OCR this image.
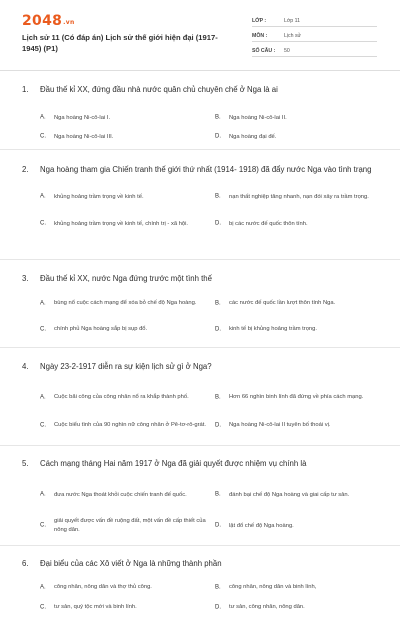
2048.vn
Lịch sử 11 (Có đáp án) Lịch sử thế giới hiện đại (1917-1945) (P1)
LỚP :	Lớp 11
MÔN :	Lịch sử
SỐ CÂU :	50
1. Đầu thế kỉ XX, đứng đầu nhà nước quân chủ chuyên chế ở Nga là ai
A. Nga hoàng Ni-cô-lai I.	B. Nga hoàng Ni-cô-lai II.
C. Nga hoàng Ni-cô-lai III.	D. Nga hoàng đại đế.
2. Nga hoàng tham gia Chiến tranh thế giới thứ nhất (1914- 1918) đã đẩy nước Nga vào tình trạng
A. khủng hoảng trầm trọng về kinh tế.	B. nạn thất nghiệp tăng nhanh, nạn đói xảy ra trầm trọng.
C. khủng hoảng trầm trọng về kinh tế, chính trị - xã hội.	D. bị các nước đế quốc thôn tính.
3. Đầu thế kỉ XX, nước Nga đứng trước một tình thế
A. bùng nổ cuộc cách mạng để xóa bỏ chế độ Nga hoàng.	B. các nước đế quốc lần lượt thôn tính Nga.
C. chính phủ Nga hoàng sắp bị sụp đổ.	D. kinh tế bị khủng hoảng trầm trọng.
4. Ngày 23-2-1917 diễn ra sự kiện lịch sử gì ở Nga?
A. Cuộc bãi công của công nhân nổ ra khắp thành phố.	B. Hơn 66 nghìn binh lính đã đứng về phía cách mạng.
C. Cuộc biểu tình của 90 nghìn nữ công nhân ở Pê-tơ-rô-grát. D. Nga hoàng Ni-cô-lai II tuyên bố thoái vị.
5. Cách mạng tháng Hai năm 1917 ở Nga đã giải quyết được nhiệm vụ chính là
A. đưa nước Nga thoát khỏi cuộc chiến tranh đế quốc.	B. đánh bại chế độ Nga hoàng và giai cấp tư sản.
C.
giải quyết được vấn đề ruộng đất, một vấn đề cấp thiết của nông dân.
D. lật đổ chế độ Nga hoàng.
6. Đại biểu của các Xô viết ở Nga là những thành phần
A. công nhân, nông dân và thợ thủ công.	B. công nhân, nông dân và binh lính,
C. tư sản, quý tộc mới và binh lính.	D. tư sản, công nhân, nông dân.
